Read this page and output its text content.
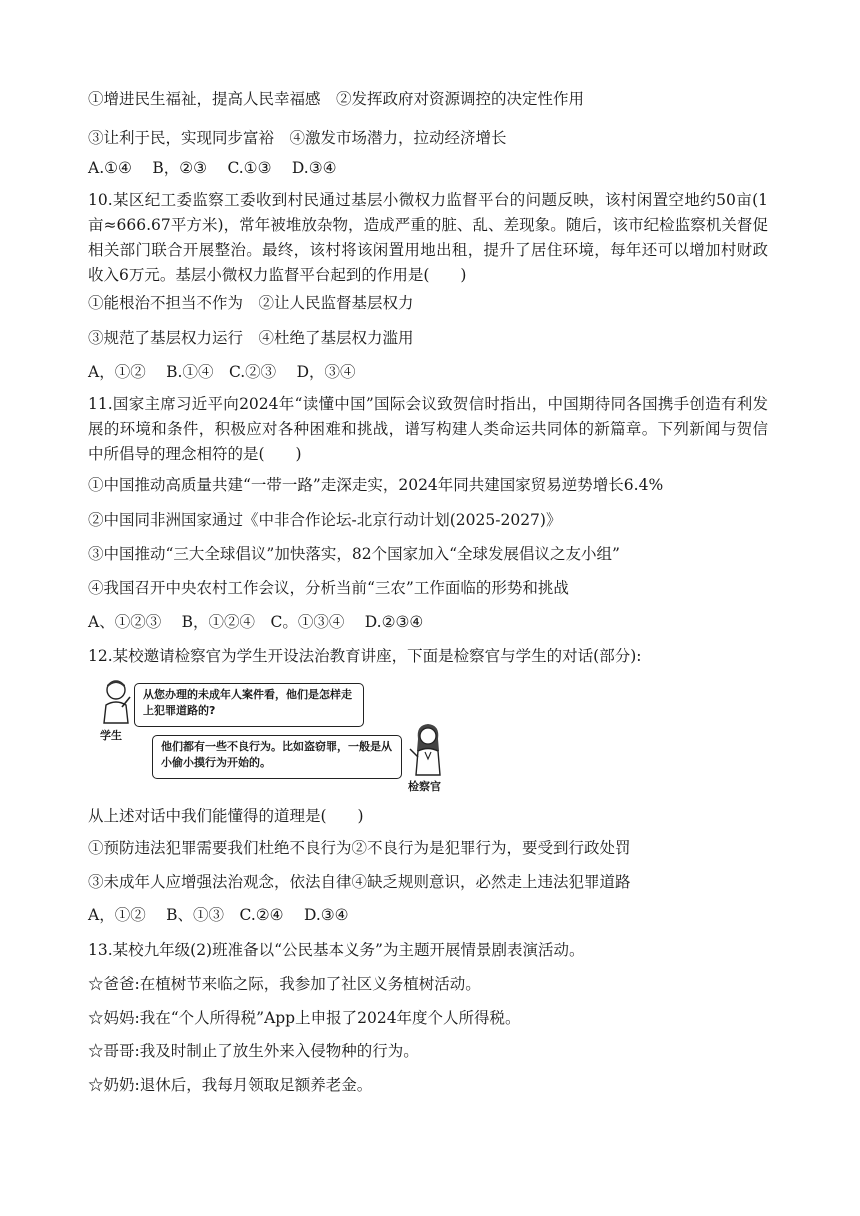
①增进民生福祉，提高人民幸福感　②发挥政府对资源调控的决定性作用
③让利于民，实现同步富裕　④激发市场潜力，拉动经济增长
A.①④　 B，②③　 C.①③　 D.③④
10.某区纪工委监察工委收到村民通过基层小微权力监督平台的问题反映，该村闲置空地约50亩(1亩≈666.67平方米)，常年被堆放杂物，造成严重的脏、乱、差现象。随后，该市纪检监察机关督促相关部门联合开展整治。最终，该村将该闲置用地出租，提升了居住环境，每年还可以增加村财政收入6万元。基层小微权力监督平台起到的作用是(　　)
①能根治不担当不作为　②让人民监督基层权力
③规范了基层权力运行　④杜绝了基层权力滥用
A，①②　 B.①④　C.②③　 D，③④
11.国家主席习近平向2024年“读懂中国”国际会议致贺信时指出，中国期待同各国携手创造有利发展的环境和条件，积极应对各种困难和挑战，谱写构建人类命运共同体的新篇章。下列新闻与贺信中所倡导的理念相符的是(　　)
①中国推动高质量共建“一带一路”走深走实，2024年同共建国家贸易逆势增长6.4%
②中国同非洲国家通过《中非合作论坛-北京行动计划(2025-2027)》
③中国推动“三大全球倡议”加快落实，82个国家加入“全球发展倡议之友小组”
④我国召开中央农村工作会议，分析当前“三农”工作面临的形势和挑战
A、①②③　 B，①②④　C。①③④　 D.②③④
12.某校邀请检察官为学生开设法治教育讲座，下面是检察官与学生的对话(部分):
学生
从您办理的未成年人案件看，他们是怎样走上犯罪道路的?
他们都有一些不良行为。比如盗窃罪，一般是从小偷小摸行为开始的。
检察官
从上述对话中我们能懂得的道理是(　　)
①预防违法犯罪需要我们杜绝不良行为②不良行为是犯罪行为，要受到行政处罚
③未成年人应增强法治观念，依法自律④缺乏规则意识，必然走上违法犯罪道路
A，①②　 B、①③　C.②④　 D.③④
13.某校九年级(2)班准备以“公民基本义务”为主题开展情景剧表演活动。
☆爸爸:在植树节来临之际，我参加了社区义务植树活动。
☆妈妈:我在“个人所得税”App上申报了2024年度个人所得税。
☆哥哥:我及时制止了放生外来入侵物种的行为。
☆奶奶:退休后，我每月领取足额养老金。
